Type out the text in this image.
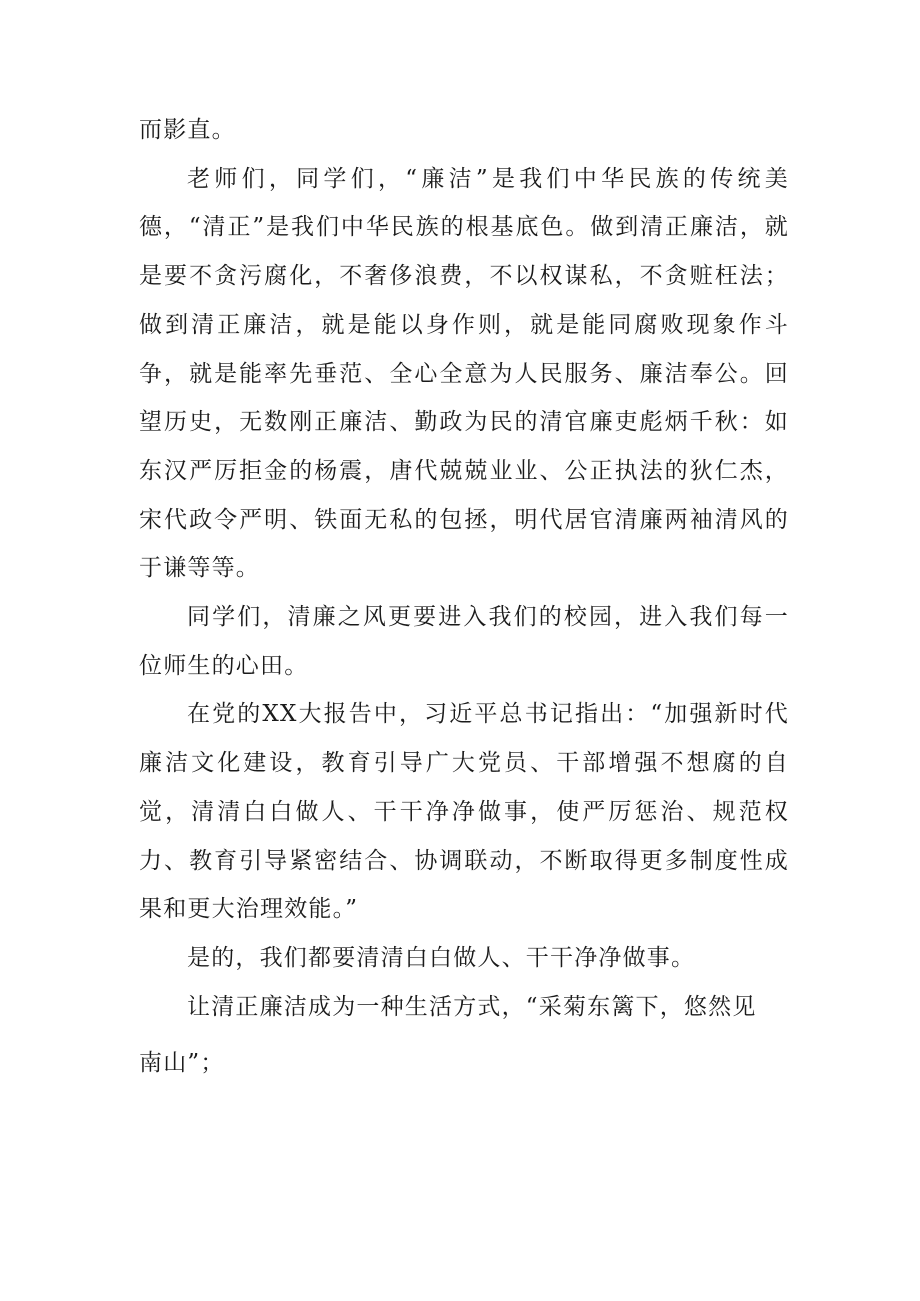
而影直。

老师们，同学们，“廉洁”是我们中华民族的传统美德，“清正”是我们中华民族的根基底色。做到清正廉洁，就是要不贪污腐化，不奢侈浪费，不以权谋私，不贪赃枉法；做到清正廉洁，就是能以身作则，就是能同腐败现象作斗争，就是能率先垂范、全心全意为人民服务、廉洁奉公。回望历史，无数刚正廉洁、勤政为民的清官廉吏彪炳千秋：如东汉严厉拒金的杨震，唐代兢兢业业、公正执法的狄仁杰，宋代政令严明、铁面无私的包拯，明代居官清廉两袖清风的于谦等等。

同学们，清廉之风更要进入我们的校园，进入我们每一位师生的心田。

在党的XX大报告中，习近平总书记指出：“加强新时代廉洁文化建设，教育引导广大党员、干部增强不想腐的自觉，清清白白做人、干干净净做事，使严厉惩治、规范权力、教育引导紧密结合、协调联动，不断取得更多制度性成果和更大治理效能。”

是的，我们都要清清白白做人、干干净净做事。

让清正廉洁成为一种生活方式，“采菊东篱下，悠然见

南山”；
